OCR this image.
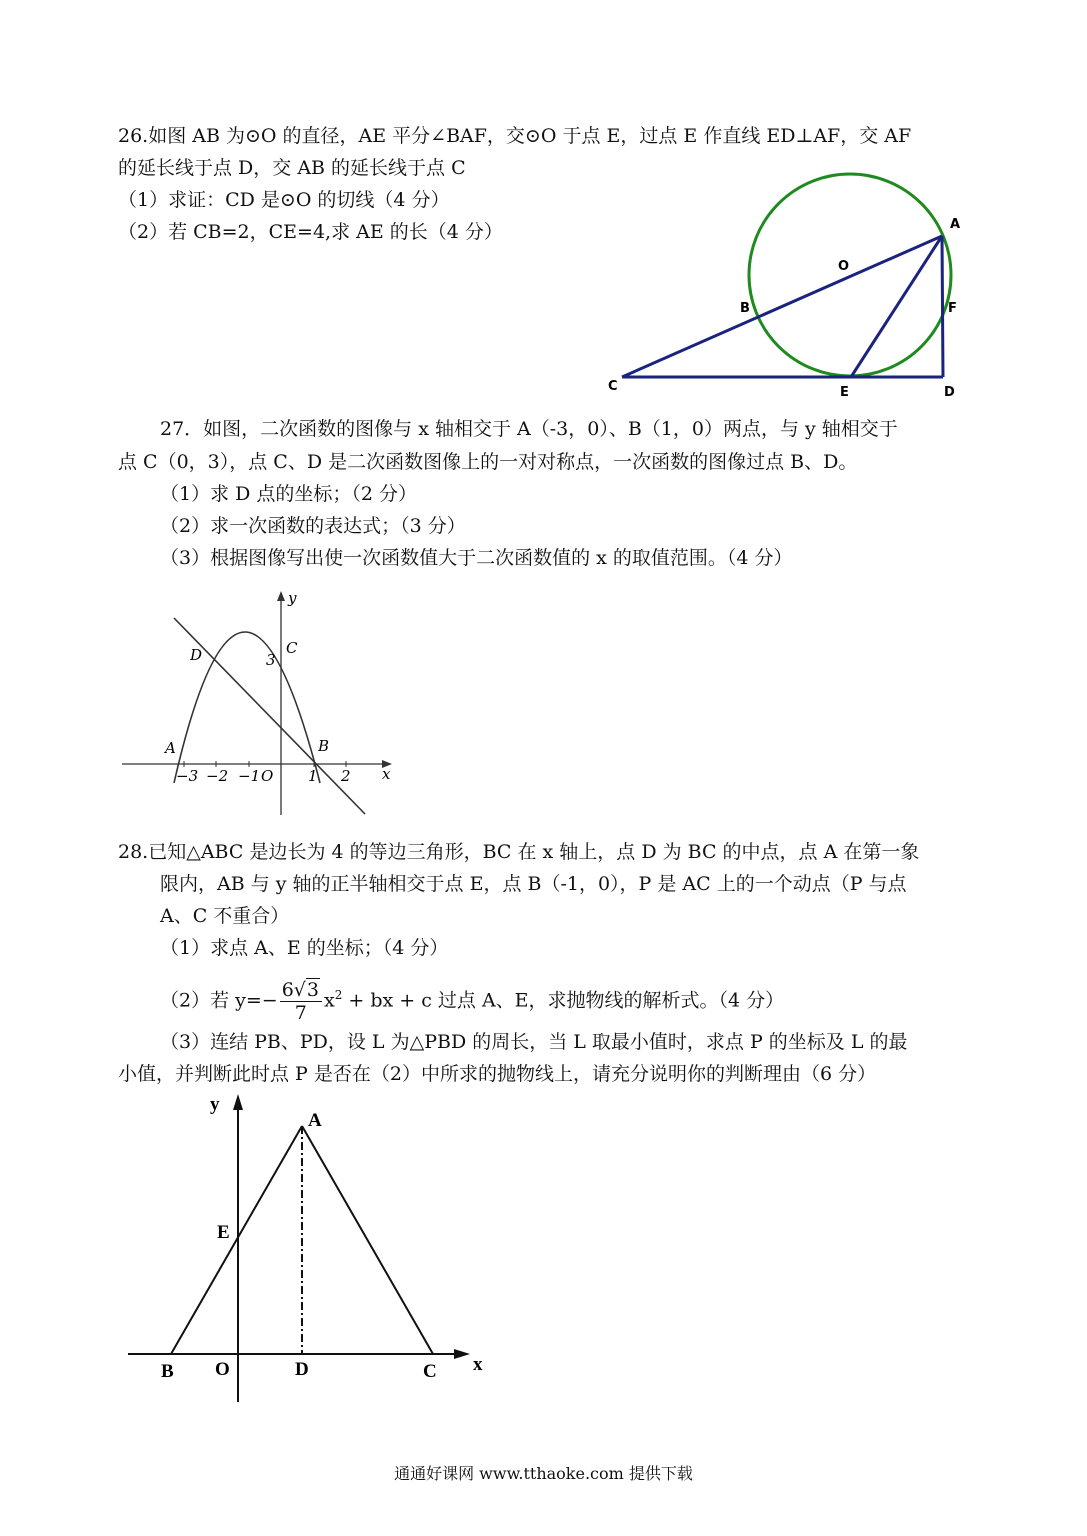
26.如图 AB 为⊙O 的直径，AE 平分∠BAF，交⊙O 于点 E，过点 E 作直线 ED⊥AF，交 AF
的延长线于点 D，交 AB 的延长线于点 C
（1）求证：CD 是⊙O 的切线（4 分）
（2）若 CB=2，CE=4,求 AE 的长（4 分）	A
O
B	F
C	E	D
27．如图，二次函数的图像与 x 轴相交于 A（-3，0）、B（1，0）两点，与 y 轴相交于
点 C（0，3），点 C、D 是二次函数图像上的一对对称点，一次函数的图像过点 B、D。
（1）求 D 点的坐标；（2 分）
（2）求一次函数的表达式；（3 分）
（3）根据图像写出使一次函数值大于二次函数值的 x 的取值范围。（4 分）
y
x
D	C
3
A	B
O
−3 −2 −1	1 2
28.已知△ABC 是边长为 4 的等边三角形，BC 在 x 轴上，点 D 为 BC 的中点，点 A 在第一象
限内，AB 与 y 轴的正半轴相交于点 E，点 B（-1，0），P 是 AC 上的一个动点（P 与点
A、C 不重合）
（1）求点 A、E 的坐标；（4 分）
（2）若 $y=- \frac{6√3}{7} x^2$ + bx + c 过点 A、E，求抛物线的解析式。（4 分）
（3）连结 PB、PD，设 L 为△PBD 的周长，当 L 取最小值时，求点 P 的坐标及 L 的最
小值，并判断此时点 P 是否在（2）中所求的抛物线上，请充分说明你的判断理由（6 分）
y
A
E
B O	D	C x
通通好课网 www.tthaoke.com 提供下载
